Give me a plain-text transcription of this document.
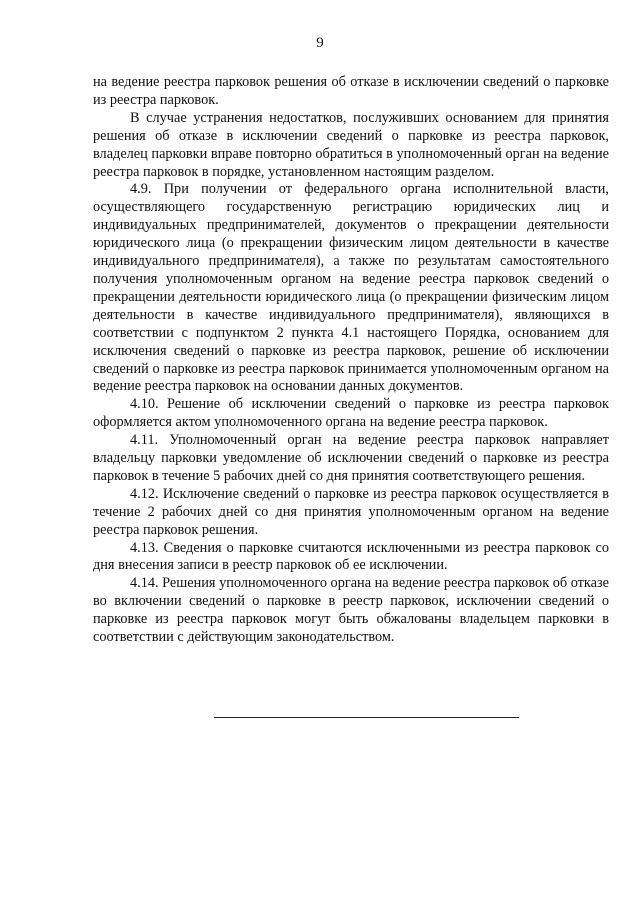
9

на ведение реестра парковок решения об отказе в исключении сведений о парковке из реестра парковок.

В случае устранения недостатков, послуживших основанием для принятия решения об отказе в исключении сведений о парковке из реестра парковок, владелец парковки вправе повторно обратиться в уполномоченный орган на ведение реестра парковок в порядке, установленном настоящим разделом.

4.9. При получении от федерального органа исполнительной власти, осуществляющего государственную регистрацию юридических лиц и индивидуальных предпринимателей, документов о прекращении деятельности юридического лица (о прекращении физическим лицом деятельности в качестве индивидуального предпринимателя), а также по результатам самостоятельного получения уполномоченным органом на ведение реестра парковок сведений о прекращении деятельности юридического лица (о прекращении физическим лицом деятельности в качестве индивидуального предпринимателя), являющихся в соответствии с подпунктом 2 пункта 4.1 настоящего Порядка, основанием для исключения сведений о парковке из реестра парковок, решение об исключении сведений о парковке из реестра парковок принимается уполномоченным органом на ведение реестра парковок на основании данных документов.

4.10. Решение об исключении сведений о парковке из реестра парковок оформляется актом уполномоченного органа на ведение реестра парковок.

4.11. Уполномоченный орган на ведение реестра парковок направляет владельцу парковки уведомление об исключении сведений о парковке из реестра парковок в течение 5 рабочих дней со дня принятия соответствующего решения.

4.12. Исключение сведений о парковке из реестра парковок осуществляется в течение 2 рабочих дней со дня принятия уполномоченным органом на ведение реестра парковок решения.

4.13. Сведения о парковке считаются исключенными из реестра парковок со дня внесения записи в реестр парковок об ее исключении.

4.14. Решения уполномоченного органа на ведение реестра парковок об отказе во включении сведений о парковке в реестр парковок, исключении сведений о парковке из реестра парковок могут быть обжалованы владельцем парковки в соответствии с действующим законодательством.
